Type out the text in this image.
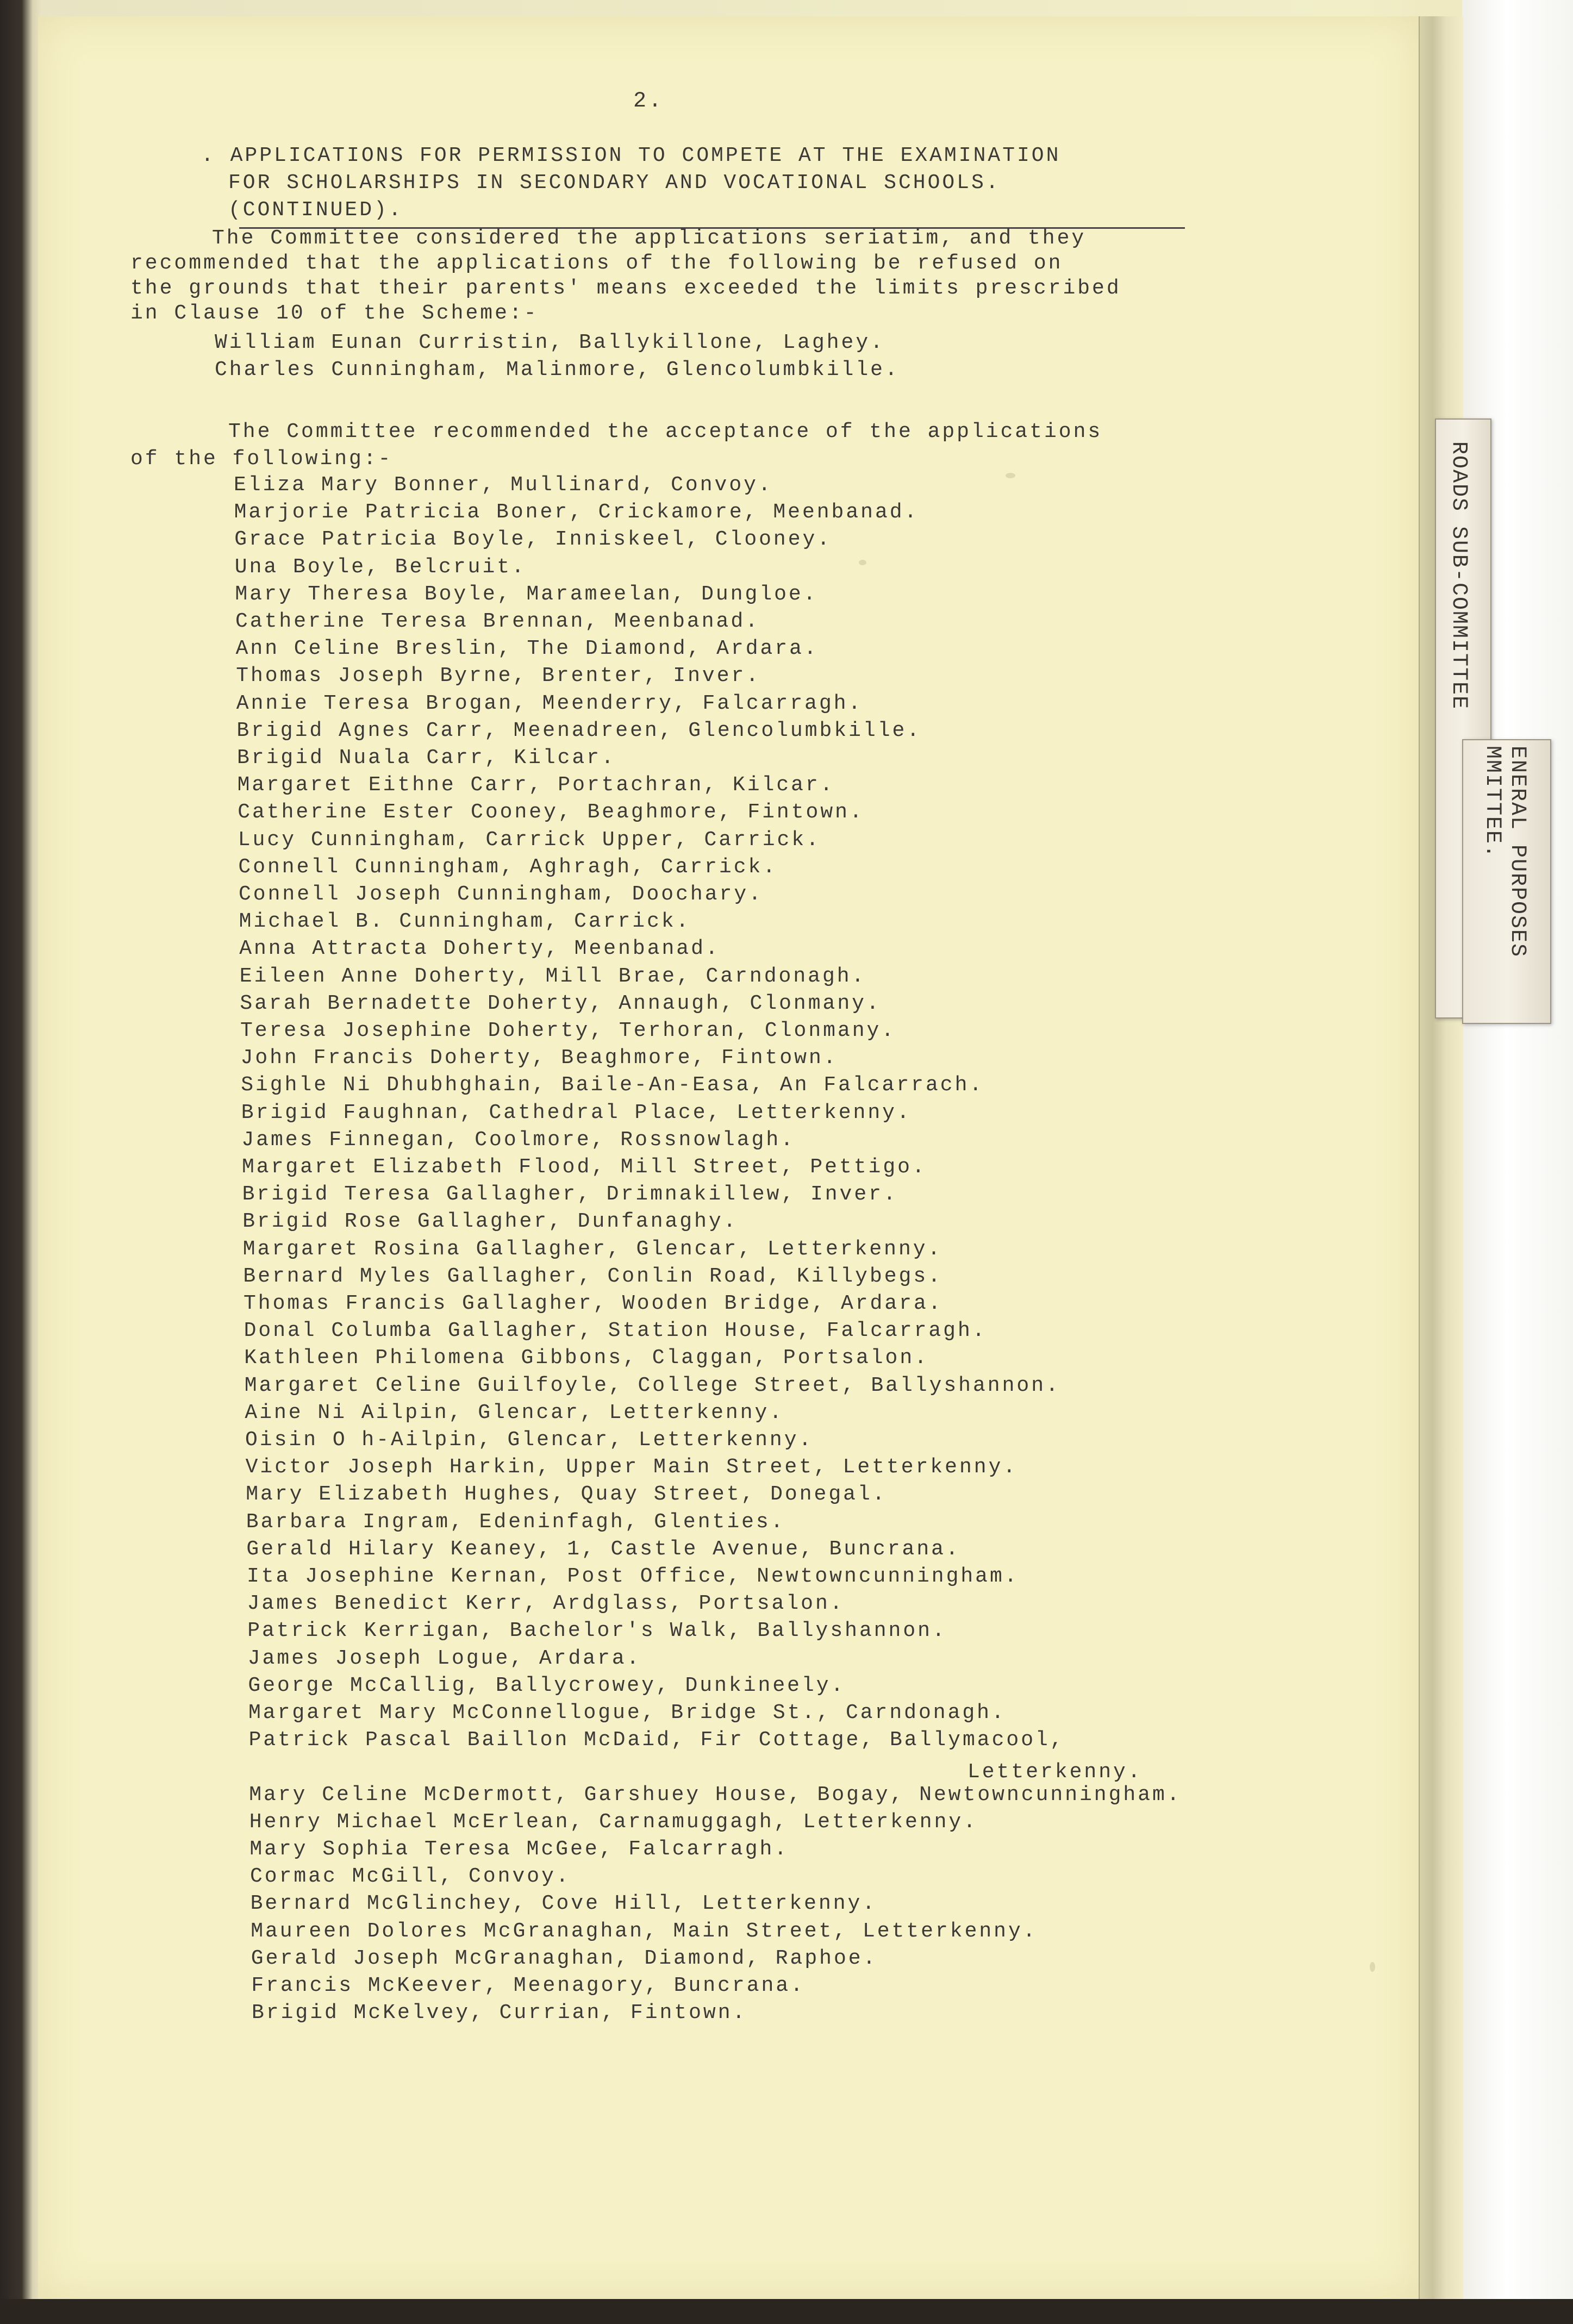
ROADS SUB-COMMITTEE
ENERAL PURPOSES
MMITTEE.

2.

. APPLICATIONS FOR PERMISSION TO COMPETE AT THE EXAMINATION

FOR SCHOLARSHIPS IN SECONDARY AND VOCATIONAL SCHOOLS.

(CONTINUED).

The Committee considered the applications seriatim, and they
recommended that the applications of the following be refused on
the grounds that their parents' means exceeded the limits prescribed
in Clause 10 of the Scheme:-

William Eunan Curristin, Ballykillone, Laghey.
Charles Cunningham, Malinmore, Glencolumbkille.

The Committee recommended the acceptance of the applications
of the following:-

Eliza Mary Bonner, Mullinard, Convoy.
Marjorie Patricia Boner, Crickamore, Meenbanad.
Grace Patricia Boyle, Inniskeel, Clooney.
Una Boyle, Belcruit.
Mary Theresa Boyle, Marameelan, Dungloe.
Catherine Teresa Brennan, Meenbanad.
Ann Celine Breslin, The Diamond, Ardara.
Thomas Joseph Byrne, Brenter, Inver.
Annie Teresa Brogan, Meenderry, Falcarragh.
Brigid Agnes Carr, Meenadreen, Glencolumbkille.
Brigid Nuala Carr, Kilcar.
Margaret Eithne Carr, Portachran, Kilcar.
Catherine Ester Cooney, Beaghmore, Fintown.
Lucy Cunningham, Carrick Upper, Carrick.
Connell Cunningham, Aghragh, Carrick.
Connell Joseph Cunningham, Doochary.
Michael B. Cunningham, Carrick.
Anna Attracta Doherty, Meenbanad.
Eileen Anne Doherty, Mill Brae, Carndonagh.
Sarah Bernadette Doherty, Annaugh, Clonmany.
Teresa Josephine Doherty, Terhoran, Clonmany.
John Francis Doherty, Beaghmore, Fintown.
Sighle Ni Dhubhghain, Baile-An-Easa, An Falcarrach.
Brigid Faughnan, Cathedral Place, Letterkenny.
James Finnegan, Coolmore, Rossnowlagh.
Margaret Elizabeth Flood, Mill Street, Pettigo.
Brigid Teresa Gallagher, Drimnakillew, Inver.
Brigid Rose Gallagher, Dunfanaghy.
Margaret Rosina Gallagher, Glencar, Letterkenny.
Bernard Myles Gallagher, Conlin Road, Killybegs.
Thomas Francis Gallagher, Wooden Bridge, Ardara.
Donal Columba Gallagher, Station House, Falcarragh.
Kathleen Philomena Gibbons, Claggan, Portsalon.
Margaret Celine Guilfoyle, College Street, Ballyshannon.
Aine Ni Ailpin, Glencar, Letterkenny.
Oisin O h-Ailpin, Glencar, Letterkenny.
Victor Joseph Harkin, Upper Main Street, Letterkenny.
Mary Elizabeth Hughes, Quay Street, Donegal.
Barbara Ingram, Edeninfagh, Glenties.
Gerald Hilary Keaney, 1, Castle Avenue, Buncrana.
Ita Josephine Kernan, Post Office, Newtowncunningham.
James Benedict Kerr, Ardglass, Portsalon.
Patrick Kerrigan, Bachelor's Walk, Ballyshannon.
James Joseph Logue, Ardara.
George McCallig, Ballycrowey, Dunkineely.
Margaret Mary McConnellogue, Bridge St., Carndonagh.
Patrick Pascal Baillon McDaid, Fir Cottage, Ballymacool,
Mary Celine McDermott, Garshuey House, Bogay, Newtowncunningham.
Henry Michael McErlean, Carnamuggagh, Letterkenny.
Mary Sophia Teresa McGee, Falcarragh.
Cormac McGill, Convoy.
Bernard McGlinchey, Cove Hill, Letterkenny.
Maureen Dolores McGranaghan, Main Street, Letterkenny.
Gerald Joseph McGranaghan, Diamond, Raphoe.
Francis McKeever, Meenagory, Buncrana.
Brigid McKelvey, Currian, Fintown.

Letterkenny.
